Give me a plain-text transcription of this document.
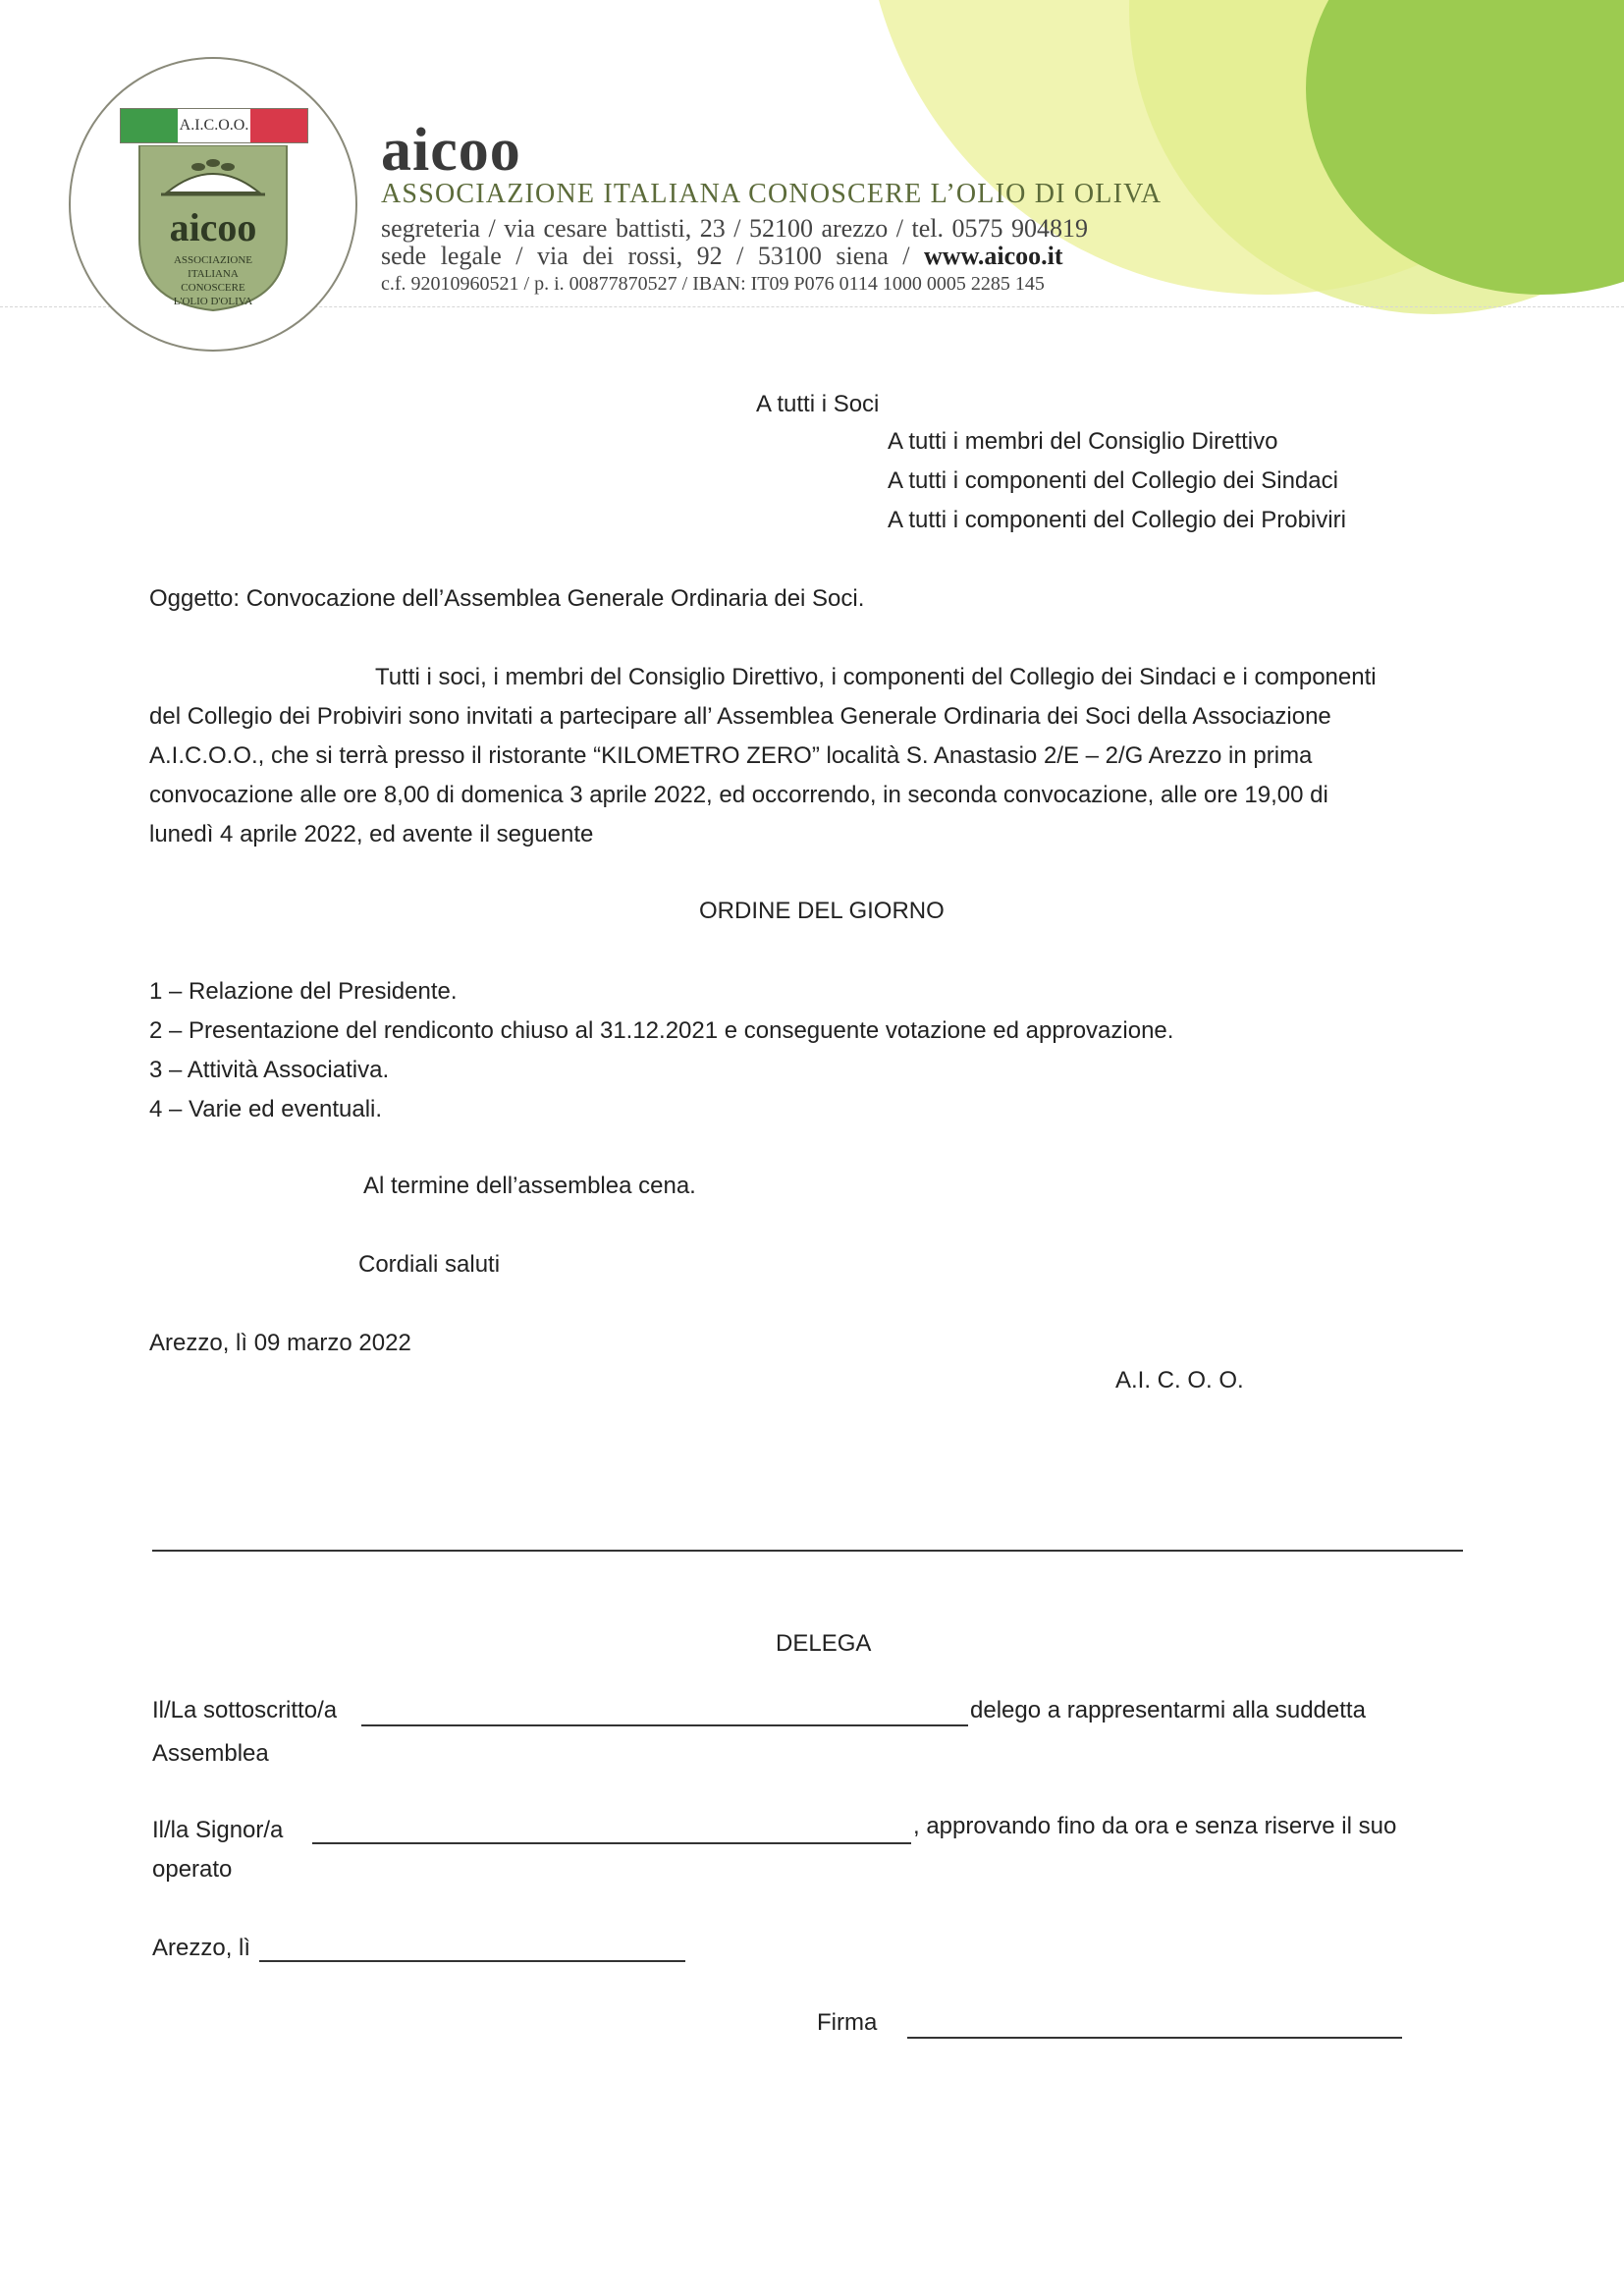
A.I.C.O.O.
aicoo
ASSOCIAZIONE
ITALIANA
CONOSCERE
L'OLIO D'OLIVA
aicoo
ASSOCIAZIONE ITALIANA CONOSCERE L’OLIO DI OLIVA
segreteria / via cesare battisti, 23 / 52100 arezzo / tel. 0575 904819
sede legale / via dei rossi, 92 / 53100 siena / www.aicoo.it
c.f. 92010960521 / p. i. 00877870527 / IBAN: IT09 P076 0114 1000 0005 2285 145
A tutti i Soci
A tutti i membri del Consiglio Direttivo
A tutti i componenti del Collegio dei Sindaci
A tutti i componenti del Collegio dei Probiviri
Oggetto: Convocazione dell’Assemblea Generale Ordinaria dei Soci.
Tutti i soci, i membri del Consiglio Direttivo, i componenti del Collegio dei Sindaci e i componenti
del Collegio dei Probiviri sono invitati a partecipare all’ Assemblea Generale Ordinaria dei Soci della Associazione
A.I.C.O.O., che si terrà presso il ristorante “KILOMETRO ZERO” località S. Anastasio 2/E – 2/G Arezzo in prima
convocazione alle ore 8,00 di domenica 3 aprile 2022, ed occorrendo, in seconda convocazione, alle ore 19,00 di
lunedì 4 aprile 2022, ed avente il seguente
ORDINE DEL GIORNO
1 – Relazione del Presidente.
2 – Presentazione del rendiconto chiuso al 31.12.2021 e conseguente votazione ed approvazione.
3 – Attività Associativa.
4 – Varie ed eventuali.
Al termine dell’assemblea cena.
Cordiali saluti
Arezzo, lì 09 marzo 2022
A.I. C. O. O.
DELEGA
Il/La sottoscritto/a	delego a rappresentarmi alla suddetta
Assemblea
Il/la Signor/a	, approvando fino da ora e senza riserve il suo
operato
Arezzo, lì
Firma
